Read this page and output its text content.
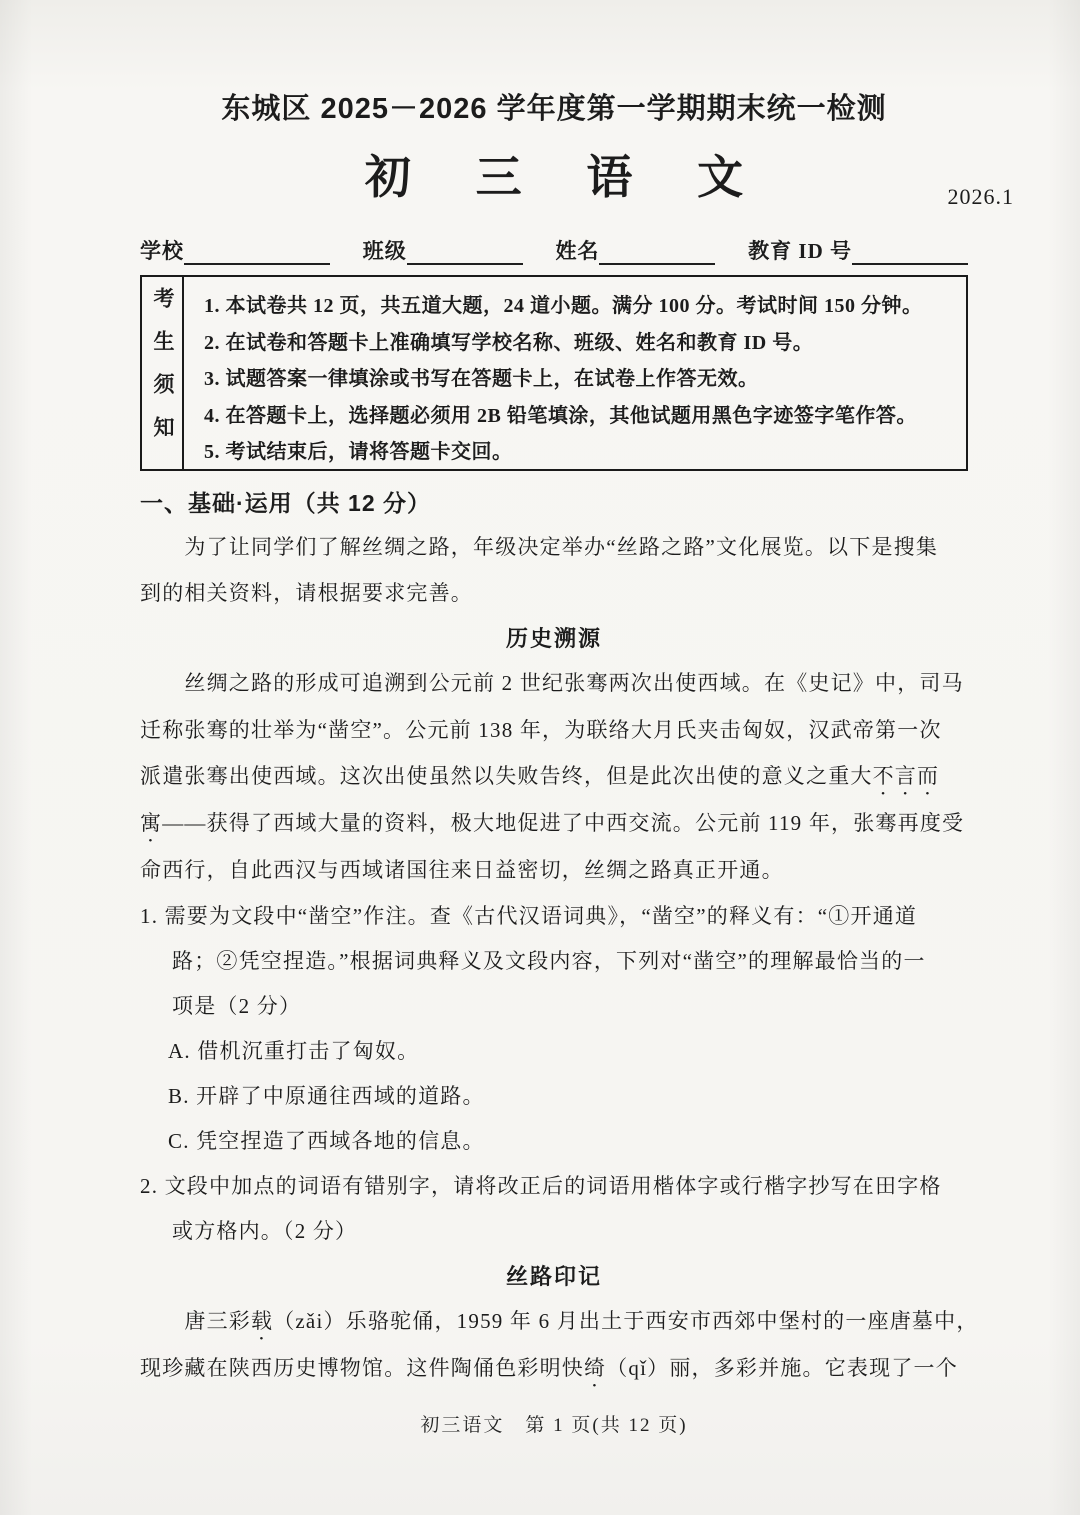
东城区 2025－2026 学年度第一学期期末统一检测
初 三 语 文	2026.1
学校	班级	姓名	教育 ID 号
考生须知 1. 本试卷共 12 页，共五道大题，24 道小题。满分 100 分。考试时间 150 分钟。
2. 在试卷和答题卡上准确填写学校名称、班级、姓名和教育 ID 号。
3. 试题答案一律填涂或书写在答题卡上，在试卷上作答无效。
4. 在答题卡上，选择题必须用 2B 铅笔填涂，其他试题用黑色字迹签字笔作答。
5. 考试结束后，请将答题卡交回。
一、基础·运用（共 12 分）
　　为了让同学们了解丝绸之路，年级决定举办“丝路之路”文化展览。以下是搜集
到的相关资料，请根据要求完善。
历史溯源
　　丝绸之路的形成可追溯到公元前 2 世纪张骞两次出使西域。在《史记》中，司马
迁称张骞的壮举为“凿空”。公元前 138 年，为联络大月氏夹击匈奴，汉武帝第一次
派遣张骞出使西域。这次出使虽然以失败告终，但是此次出使的意义之重大不言而
寓——获得了西域大量的资料，极大地促进了中西交流。公元前 119 年，张骞再度受
命西行，自此西汉与西域诸国往来日益密切，丝绸之路真正开通。
1. 需要为文段中“凿空”作注。查《古代汉语词典》，“凿空”的释义有：“①开通道
路；②凭空捏造。”根据词典释义及文段内容，下列对“凿空”的理解最恰当的一
项是（2 分）
A. 借机沉重打击了匈奴。
B. 开辟了中原通往西域的道路。
C. 凭空捏造了西域各地的信息。
2. 文段中加点的词语有错别字，请将改正后的词语用楷体字或行楷字抄写在田字格
或方格内。（2 分）
丝路印记
　　唐三彩载（zǎi）乐骆驼俑，1959 年 6 月出土于西安市西郊中堡村的一座唐墓中，
现珍藏在陕西历史博物馆。这件陶俑色彩明快绮（qǐ）丽，多彩并施。它表现了一个
初三语文　第 1 页(共 12 页)
